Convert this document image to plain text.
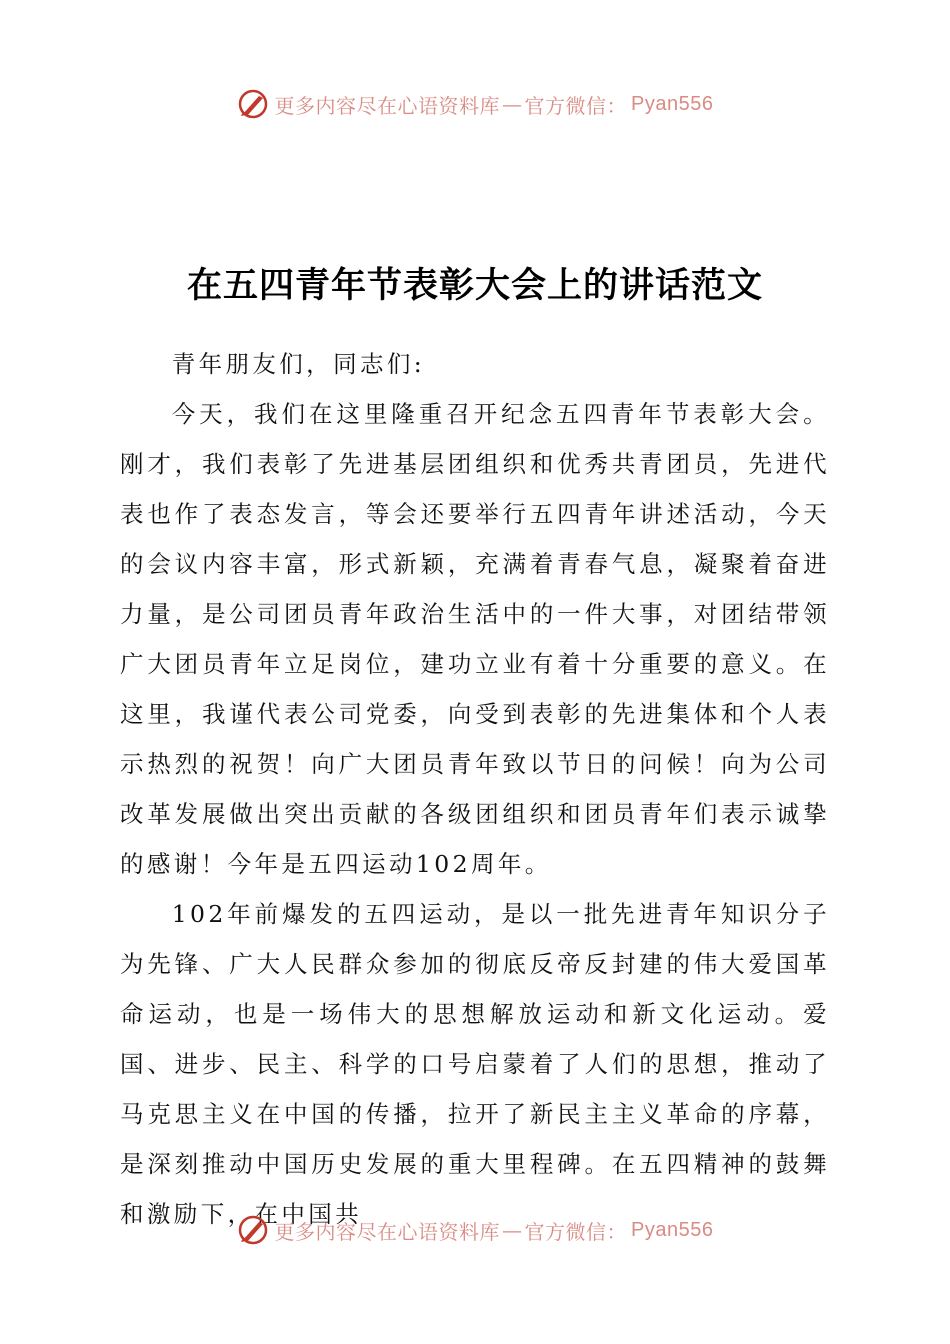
更多内容尽在心语资料库 — 官方微信： Pyan556
在五四青年节表彰大会上的讲话范文

青年朋友们，同志们:

今天，我们在这里隆重召开纪念五四青年节表彰大会。刚才，我们表彰了先进基层团组织和优秀共青团员，先进代表也作了表态发言，等会还要举行五四青年讲述活动，今天的会议内容丰富，形式新颖，充满着青春气息，凝聚着奋进力量，是公司团员青年政治生活中的一件大事，对团结带领广大团员青年立足岗位，建功立业有着十分重要的意义。在这里，我谨代表公司党委，向受到表彰的先进集体和个人表示热烈的祝贺！向广大团员青年致以节日的问候！向为公司改革发展做出突出贡献的各级团组织和团员青年们表示诚挚的感谢！今年是五四运动102周年。

102年前爆发的五四运动，是以一批先进青年知识分子为先锋、广大人民群众参加的彻底反帝反封建的伟大爱国革命运动，也是一场伟大的思想解放运动和新文化运动。爱国、进步、民主、科学的口号启蒙着了人们的思想，推动了马克思主义在中国的传播，拉开了新民主主义革命的序幕，是深刻推动中国历史发展的重大里程碑。在五四精神的鼓舞和激励下，在中国共

更多内容尽在心语资料库 — 官方微信： Pyan556
